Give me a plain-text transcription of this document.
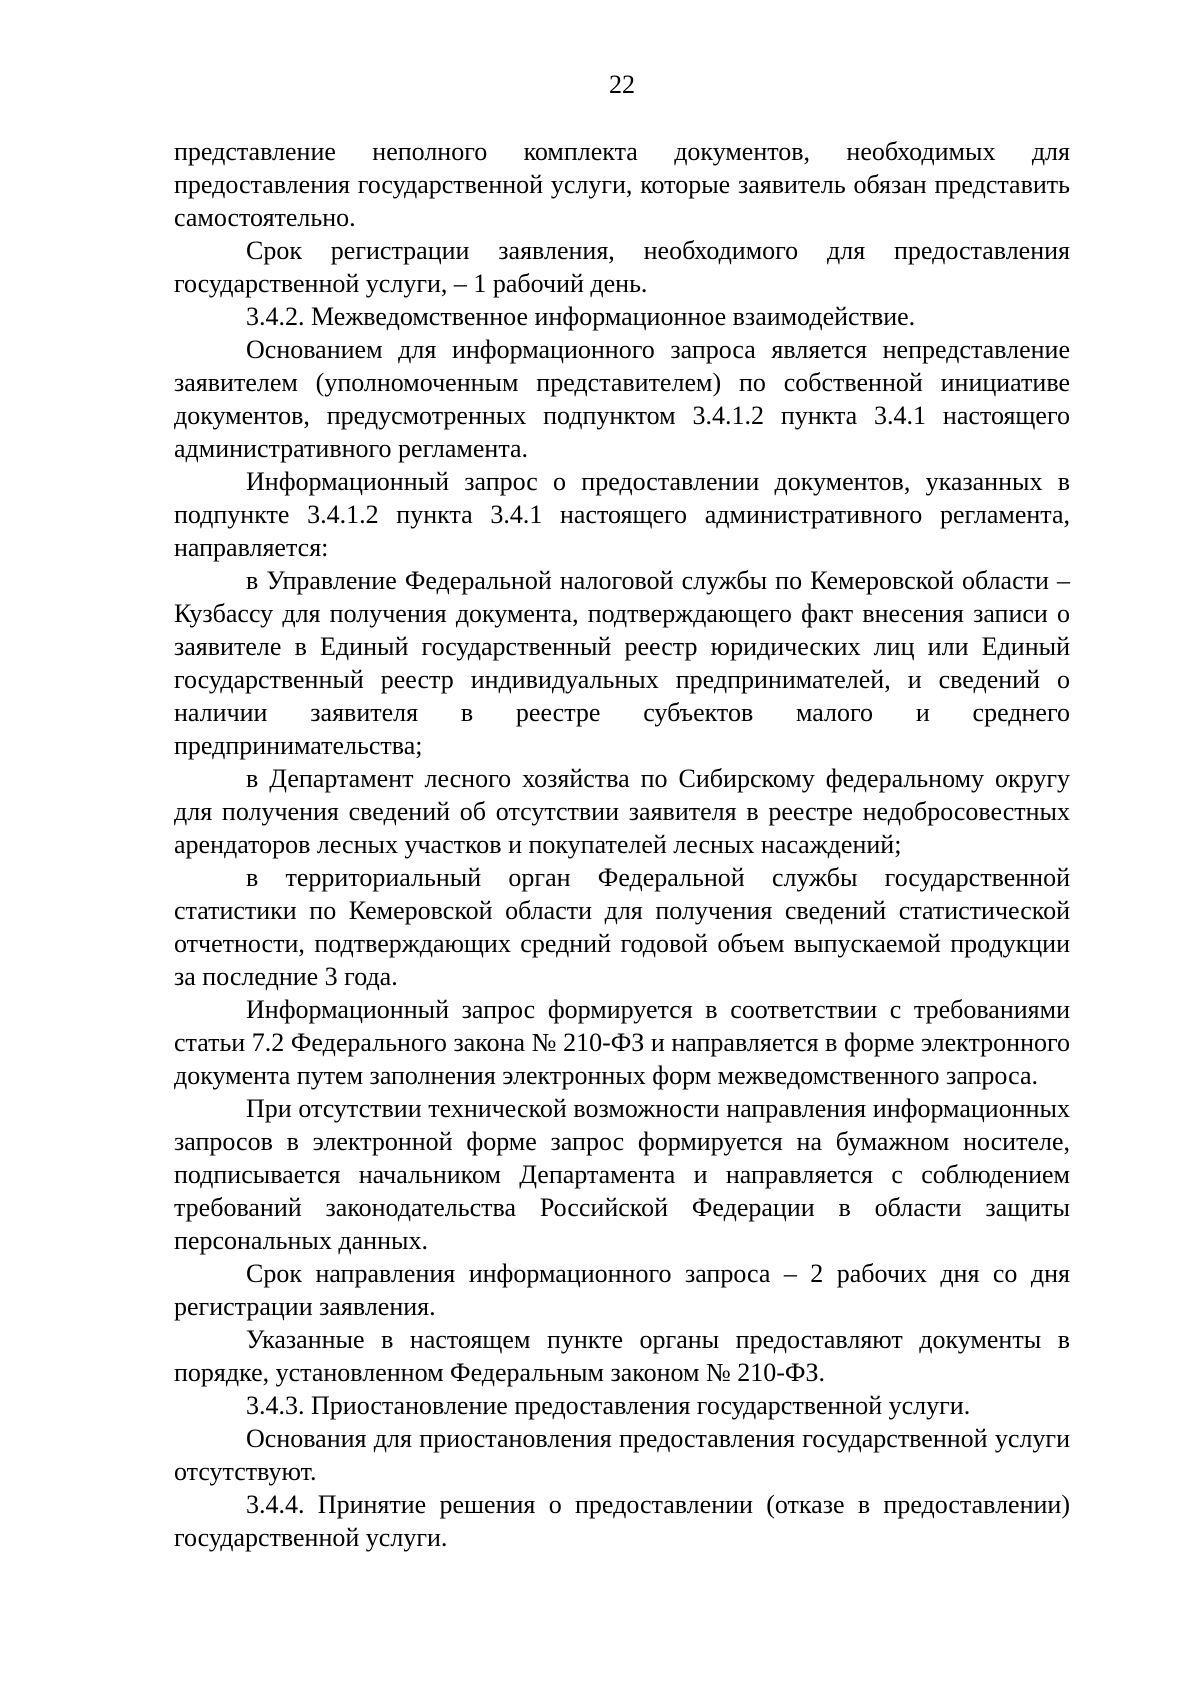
22

представление неполного комплекта документов, необходимых для предоставления государственной услуги, которые заявитель обязан представить самостоятельно.

Срок регистрации заявления, необходимого для предоставления государственной услуги, – 1 рабочий день.

3.4.2. Межведомственное информационное взаимодействие.

Основанием для информационного запроса является непредставление заявителем (уполномоченным представителем) по собственной инициативе документов, предусмотренных подпунктом 3.4.1.2 пункта 3.4.1 настоящего административного регламента.

Информационный запрос о предоставлении документов, указанных в подпункте 3.4.1.2 пункта 3.4.1 настоящего административного регламента, направляется:

в Управление Федеральной налоговой службы по Кемеровской области – Кузбассу для получения документа, подтверждающего факт внесения записи о заявителе в Единый государственный реестр юридических лиц или Единый государственный реестр индивидуальных предпринимателей, и сведений о наличии заявителя в реестре субъектов малого и среднего предпринимательства;

в Департамент лесного хозяйства по Сибирскому федеральному округу для получения сведений об отсутствии заявителя в реестре недобросовестных арендаторов лесных участков и покупателей лесных насаждений;

в территориальный орган Федеральной службы государственной статистики по Кемеровской области для получения сведений статистической отчетности, подтверждающих средний годовой объем выпускаемой продукции за последние 3 года.

Информационный запрос формируется в соответствии с требованиями статьи 7.2 Федерального закона № 210-ФЗ и направляется в форме электронного документа путем заполнения электронных форм межведомственного запроса.

При отсутствии технической возможности направления информационных запросов в электронной форме запрос формируется на бумажном носителе, подписывается начальником Департамента и направляется с соблюдением требований законодательства Российской Федерации в области защиты персональных данных.

Срок направления информационного запроса – 2 рабочих дня со дня регистрации заявления.

Указанные в настоящем пункте органы предоставляют документы в порядке, установленном Федеральным законом № 210-ФЗ.

3.4.3. Приостановление предоставления государственной услуги.

Основания для приостановления предоставления государственной услуги отсутствуют.

3.4.4. Принятие решения о предоставлении (отказе в предоставлении) государственной услуги.
